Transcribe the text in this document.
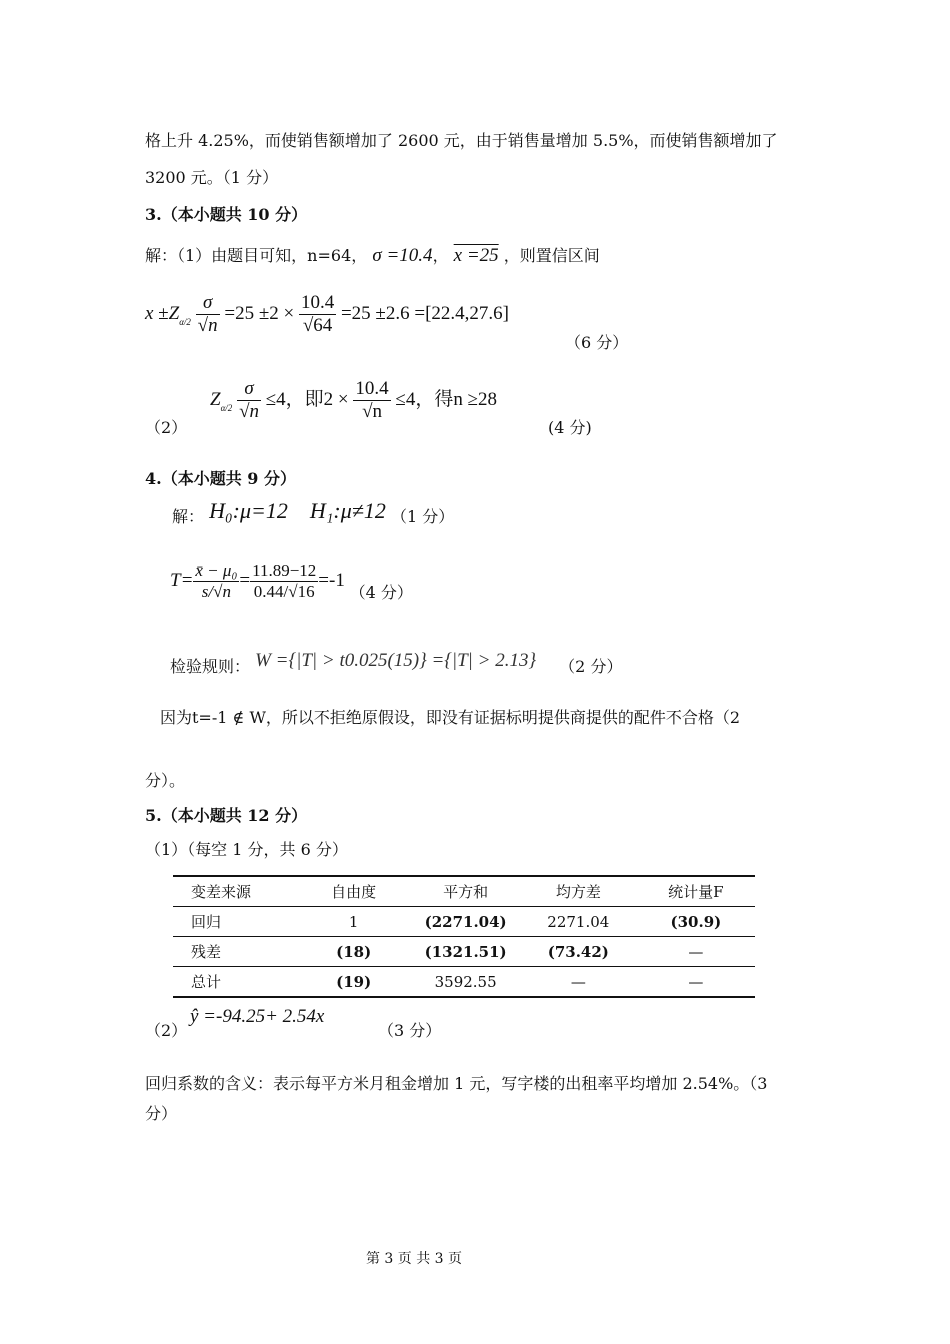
格上升 4.25%，而使销售额增加了 2600 元，由于销售量增加 5.5%，而使销售额增加了
3200 元。（1 分）
3.（本小题共 10 分）
解：（1）由题目可知，n=64， σ =10.4， x =25 ，则置信区间
$x \pm Z_{\alpha/2} \frac{\sigma}{√n} =25 \pm 2 \times \frac{10.4}{√64} =25 \pm 2.6 =[22.4,27.6]$
（6 分）
（2）
$Z_{\alpha/2} \frac{\sigma}{√n} \le 4$，即$2 \times \frac{10.4}{√n} \le 4$，得n ≥28
(4 分)
4.（本小题共 9 分）
解： H₀:μ=12    H₁:μ≠12 （1 分）
$T= \frac{\text{x̄ − μ₀}}{s/√n} = \frac{11.89-12}{0.44/√16} =-1$ $_{(4 分)}$
检验规则： W ={|T| > t0.025(15)} ={|T| > 2.13} （2 分）
因为t=-1 ∉ W，所以不拒绝原假设，即没有证据标明提供商提供的配件不合格（2
分）。
5.（本小题共 12 分）
（1）（每空 1 分，共 6 分）
变差来源	自由度	平方和	均方差	统计量F
回归	1	(2271.04)	2271.04	(30.9)
残差	(18)	(1321.51)	(73.42)	—
总计	(19)	3592.55	—	—
（2）
ŷ =-94.25+ 2.54x
（3 分）
回归系数的含义：表示每平方米月租金增加 1 元，写字楼的出租率平均增加 2.54%。（3
分）
第 3 页 共 3 页
